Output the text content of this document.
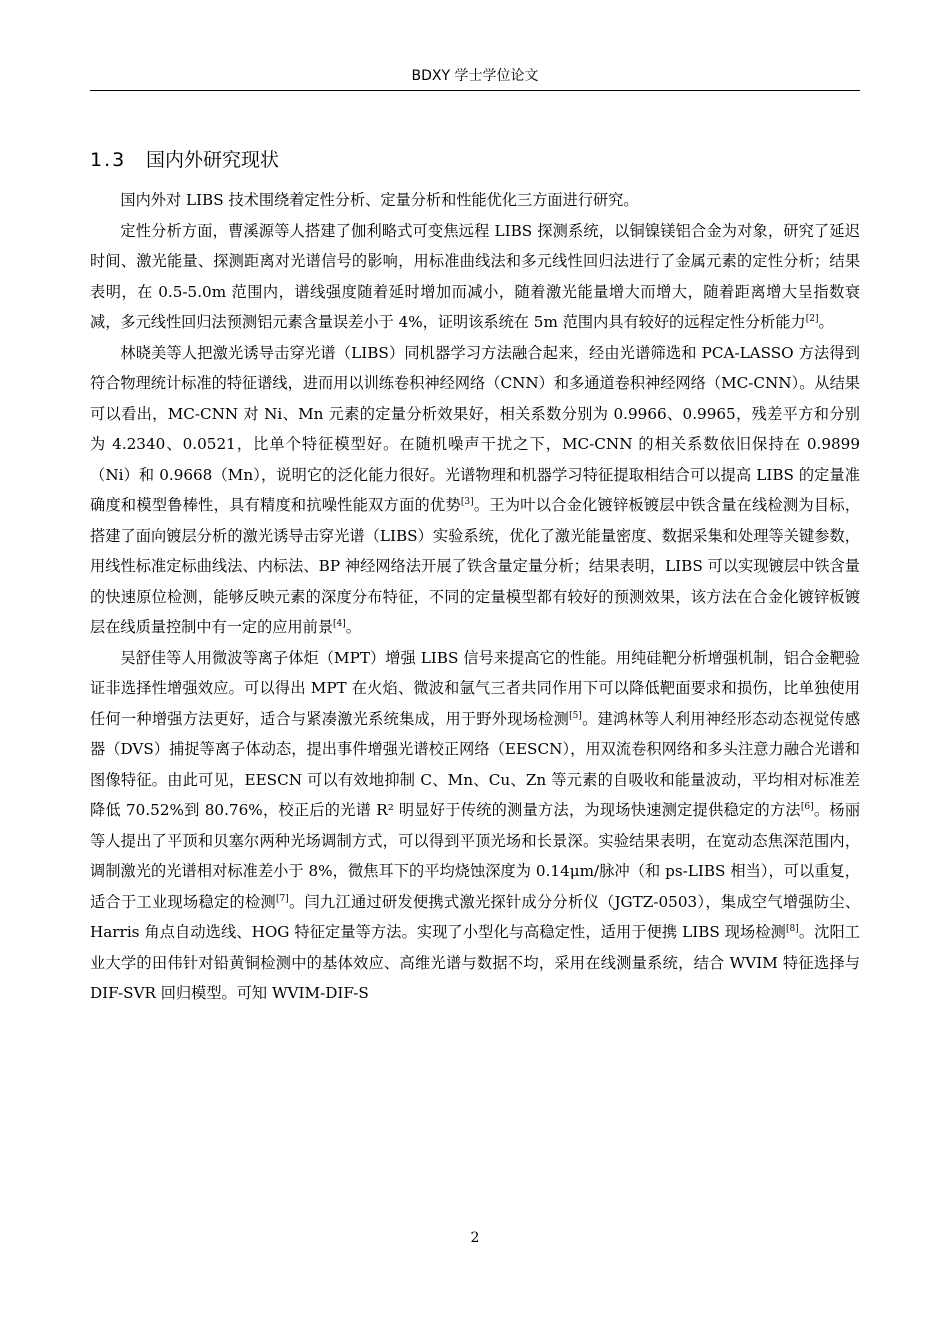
BDXY 学士学位论文
1.3 国内外研究现状

国内外对 LIBS 技术围绕着定性分析、定量分析和性能优化三方面进行研究。

定性分析方面，曹溪源等人搭建了伽利略式可变焦远程 LIBS 探测系统，以铜镍镁铝合金为对象，研究了延迟时间、激光能量、探测距离对光谱信号的影响，用标准曲线法和多元线性回归法进行了金属元素的定性分析；结果表明，在 0.5-5.0m 范围内，谱线强度随着延时增加而减小，随着激光能量增大而增大，随着距离增大呈指数衰减，多元线性回归法预测铝元素含量误差小于 4%，证明该系统在 5m 范围内具有较好的远程定性分析能力[2]。

林晓美等人把激光诱导击穿光谱（LIBS）同机器学习方法融合起来，经由光谱筛选和 PCA-LASSO 方法得到符合物理统计标准的特征谱线，进而用以训练卷积神经网络（CNN）和多通道卷积神经网络（MC-CNN）。从结果可以看出，MC-CNN 对 Ni、Mn 元素的定量分析效果好，相关系数分别为 0.9966、0.9965，残差平方和分别为 4.2340、0.0521，比单个特征模型好。在随机噪声干扰之下，MC-CNN 的相关系数依旧保持在 0.9899（Ni）和 0.9668（Mn），说明它的泛化能力很好。光谱物理和机器学习特征提取相结合可以提高 LIBS 的定量准确度和模型鲁棒性，具有精度和抗噪性能双方面的优势[3]。王为叶以合金化镀锌板镀层中铁含量在线检测为目标，搭建了面向镀层分析的激光诱导击穿光谱（LIBS）实验系统，优化了激光能量密度、数据采集和处理等关键参数，用线性标准定标曲线法、内标法、BP 神经网络法开展了铁含量定量分析；结果表明，LIBS 可以实现镀层中铁含量的快速原位检测，能够反映元素的深度分布特征，不同的定量模型都有较好的预测效果，该方法在合金化镀锌板镀层在线质量控制中有一定的应用前景[4]。

吴舒佳等人用微波等离子体炬（MPT）增强 LIBS 信号来提高它的性能。用纯硅靶分析增强机制，铝合金靶验证非选择性增强效应。可以得出 MPT 在火焰、微波和氩气三者共同作用下可以降低靶面要求和损伤，比单独使用任何一种增强方法更好，适合与紧凑激光系统集成，用于野外现场检测[5]。建鸿林等人利用神经形态动态视觉传感器（DVS）捕捉等离子体动态，提出事件增强光谱校正网络（EESCN），用双流卷积网络和多头注意力融合光谱和图像特征。由此可见，EESCN 可以有效地抑制 C、Mn、Cu、Zn 等元素的自吸收和能量波动，平均相对标准差降低 70.52%到 80.76%，校正后的光谱 R² 明显好于传统的测量方法，为现场快速测定提供稳定的方法[6]。杨丽等人提出了平顶和贝塞尔两种光场调制方式，可以得到平顶光场和长景深。实验结果表明，在宽动态焦深范围内，调制激光的光谱相对标准差小于 8%，微焦耳下的平均烧蚀深度为 0.14μm/脉冲（和 ps-LIBS 相当），可以重复，适合于工业现场稳定的检测[7]。闫九江通过研发便携式激光探针成分分析仪（JGTZ-0503），集成空气增强防尘、Harris 角点自动选线、HOG 特征定量等方法。实现了小型化与高稳定性，适用于便携 LIBS 现场检测[8]。沈阳工业大学的田伟针对铅黄铜检测中的基体效应、高维光谱与数据不均，采用在线测量系统，结合 WVIM 特征选择与 DIF-SVR 回归模型。可知 WVIM-DIF-S

2
